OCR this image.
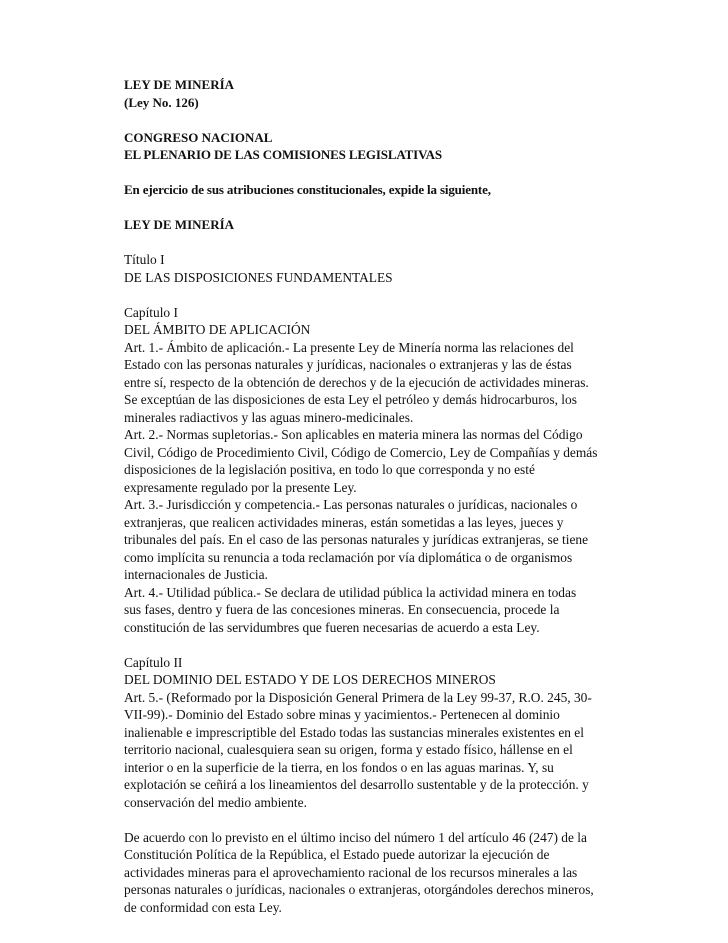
LEY DE MINERÍA
(Ley No. 126)
CONGRESO NACIONAL
EL PLENARIO DE LAS COMISIONES LEGISLATIVAS
En ejercicio de sus atribuciones constitucionales, expide la siguiente,
LEY DE MINERÍA
Título I
DE LAS DISPOSICIONES FUNDAMENTALES
Capítulo I
DEL ÁMBITO DE APLICACIÓN
Art. 1.- Ámbito de aplicación.- La presente Ley de Minería norma las relaciones del
Estado con las personas naturales y jurídicas, nacionales o extranjeras y las de éstas
entre sí, respecto de la obtención de derechos y de la ejecución de actividades mineras.
Se exceptúan de las disposiciones de esta Ley el petróleo y demás hidrocarburos, los
minerales radiactivos y las aguas minero-medicinales.
Art. 2.- Normas supletorias.- Son aplicables en materia minera las normas del Código
Civil, Código de Procedimiento Civil, Código de Comercio, Ley de Compañías y demás
disposiciones de la legislación positiva, en todo lo que corresponda y no esté
expresamente regulado por la presente Ley.
Art. 3.- Jurisdicción y competencia.- Las personas naturales o jurídicas, nacionales o
extranjeras, que realicen actividades mineras, están sometidas a las leyes, jueces y
tribunales del país. En el caso de las personas naturales y jurídicas extranjeras, se tiene
como implícita su renuncia a toda reclamación por vía diplomática o de organismos
internacionales de Justicia.
Art. 4.- Utilidad pública.- Se declara de utilidad pública la actividad minera en todas
sus fases, dentro y fuera de las concesiones mineras. En consecuencia, procede la
constitución de las servidumbres que fueren necesarias de acuerdo a esta Ley.
Capítulo II
DEL DOMINIO DEL ESTADO Y DE LOS DERECHOS MINEROS
Art. 5.- (Reformado por la Disposición General Primera de la Ley 99-37, R.O. 245, 30-
VII-99).- Dominio del Estado sobre minas y yacimientos.- Pertenecen al dominio
inalienable e imprescriptible del Estado todas las sustancias minerales existentes en el
territorio nacional, cualesquiera sean su origen, forma y estado físico, hállense en el
interior o en la superficie de la tierra, en los fondos o en las aguas marinas. Y, su
explotación se ceñirá a los lineamientos del desarrollo sustentable y de la protección. y
conservación del medio ambiente.
De acuerdo con lo previsto en el último inciso del número 1 del artículo 46 (247) de la
Constitución Política de la República, el Estado puede autorizar la ejecución de
actividades mineras para el aprovechamiento racional de los recursos minerales a las
personas naturales o jurídicas, nacionales o extranjeras, otorgándoles derechos mineros,
de conformidad con esta Ley.
